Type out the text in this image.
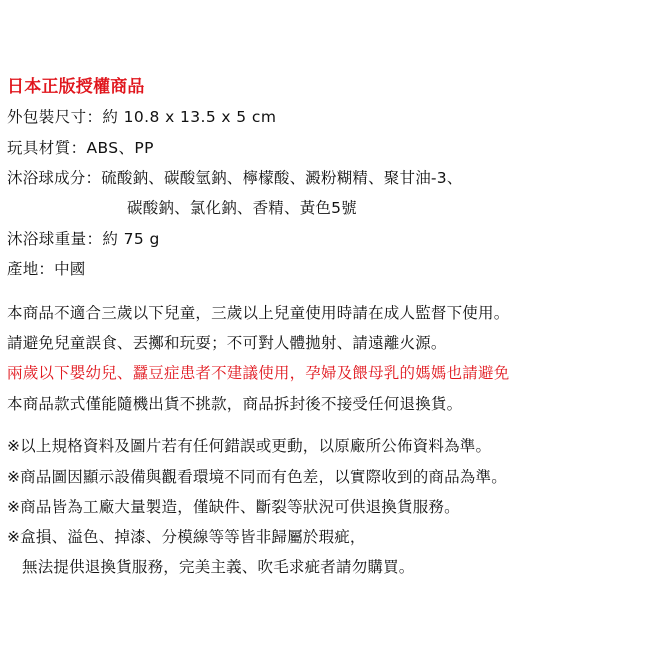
日本正版授權商品
外包裝尺寸：約 10.8 x 13.5 x 5 cm
玩具材質：ABS、PP
沐浴球成分：硫酸鈉、碳酸氫鈉、檸檬酸、澱粉糊精、聚甘油-3、
碳酸鈉、氯化鈉、香精、黃色5號
沐浴球重量：約 75 g
產地：中國
本商品不適合三歲以下兒童，三歲以上兒童使用時請在成人監督下使用。
請避免兒童誤食、丟擲和玩耍；不可對人體拋射、請遠離火源。
兩歲以下嬰幼兒、蠶豆症患者不建議使用，孕婦及餵母乳的媽媽也請避免
本商品款式僅能隨機出貨不挑款，商品拆封後不接受任何退換貨。
※以上規格資料及圖片若有任何錯誤或更動，以原廠所公佈資料為準。
※商品圖因顯示設備與觀看環境不同而有色差，以實際收到的商品為準。
※商品皆為工廠大量製造，僅缺件、斷裂等狀況可供退換貨服務。
※盒損、溢色、掉漆、分模線等等皆非歸屬於瑕疵，
無法提供退換貨服務，完美主義、吹毛求疵者請勿購買。
